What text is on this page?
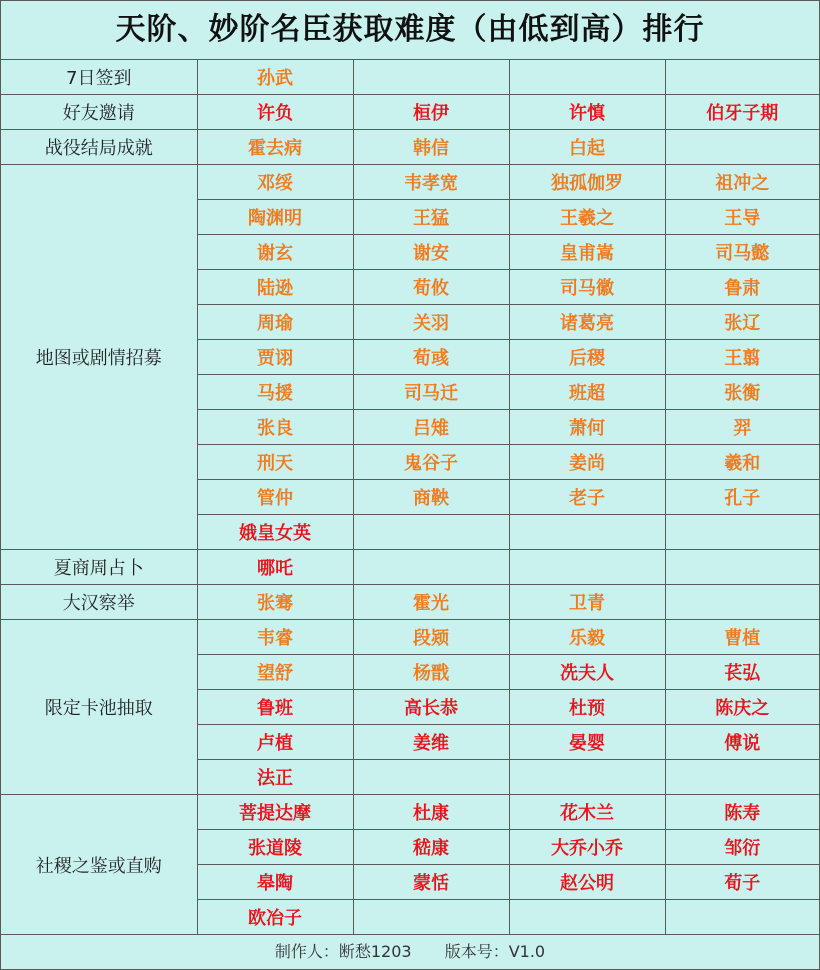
天阶、妙阶名臣获取难度（由低到高）排行
7日签到	孙武			
好友邀请	许负	桓伊	许慎	伯牙子期
战役结局成就	霍去病	韩信	白起	
地图或剧情招募	邓绥	韦孝宽	独孤伽罗	祖冲之
	陶渊明	王猛	王羲之	王导
	谢玄	谢安	皇甫嵩	司马懿
	陆逊	荀攸	司马徽	鲁肃
	周瑜	关羽	诸葛亮	张辽
	贾诩	荀彧	后稷	王翦
	马援	司马迁	班超	张衡
	张良	吕雉	萧何	羿
	刑天	鬼谷子	姜尚	羲和
	管仲	商鞅	老子	孔子
	娥皇女英			
夏商周占卜	哪吒			
大汉察举	张骞	霍光	卫青	
限定卡池抽取	韦睿	段颎	乐毅	曹植
	望舒	杨戬	冼夫人	苌弘
	鲁班	高长恭	杜预	陈庆之
	卢植	姜维	晏婴	傅说
	法正			
社稷之鉴或直购	菩提达摩	杜康	花木兰	陈寿
	张道陵	嵇康	大乔小乔	邹衍
	皋陶	蒙恬	赵公明	荀子
	欧冶子			
制作人：断愁1203 版本号：V1.0
